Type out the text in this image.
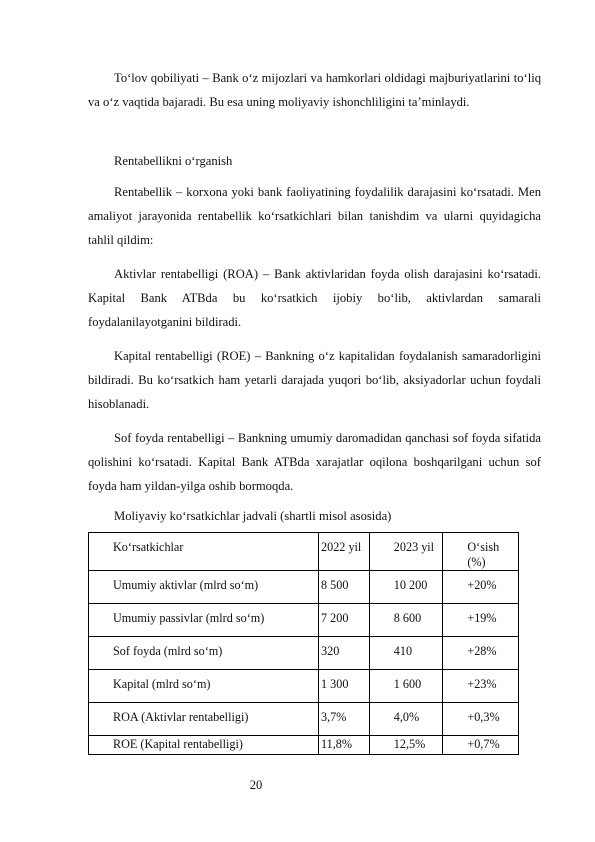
To‘lov qobiliyati – Bank o‘z mijozlari va hamkorlari oldidagi majburiyatlarini to‘liq va o‘z vaqtida bajaradi. Bu esa uning moliyaviy ishonchliligini ta’minlaydi.

Rentabellikni o‘rganish

Rentabellik – korxona yoki bank faoliyatining foydalilik darajasini ko‘rsatadi. Men amaliyot jarayonida rentabellik ko‘rsatkichlari bilan tanishdim va ularni quyidagicha tahlil qildim:

Aktivlar rentabelligi (ROA) – Bank aktivlaridan foyda olish darajasini ko‘rsatadi. Kapital Bank ATBda bu ko‘rsatkich ijobiy bo‘lib, aktivlardan samarali foydalanilayotganini bildiradi.

Kapital rentabelligi (ROE) – Bankning o‘z kapitalidan foydalanish samaradorligini bildiradi. Bu ko‘rsatkich ham yetarli darajada yuqori bo‘lib, aksiyadorlar uchun foydali hisoblanadi.

Sof foyda rentabelligi – Bankning umumiy daromadidan qanchasi sof foyda sifatida qolishini ko‘rsatadi. Kapital Bank ATBda xarajatlar oqilona boshqarilgani uchun sof foyda ham yildan-yilga oshib bormoqda.

Moliyaviy ko‘rsatkichlar jadvali (shartli misol asosida)

Ko‘rsatkichlar	2022 yil	2023 yil	O‘sish (%)

Umumiy aktivlar (mlrd so‘m)	8 500	10 200	+20%

Umumiy passivlar (mlrd so‘m)	7 200	8 600	+19%

Sof foyda (mlrd so‘m)	320	410	+28%

Kapital (mlrd so‘m)	1 300	1 600	+23%

ROA (Aktivlar rentabelligi)	3,7%	4,0%	+0,3%

ROE (Kapital rentabelligi)	11,8%	12,5%	+0,7%
20
